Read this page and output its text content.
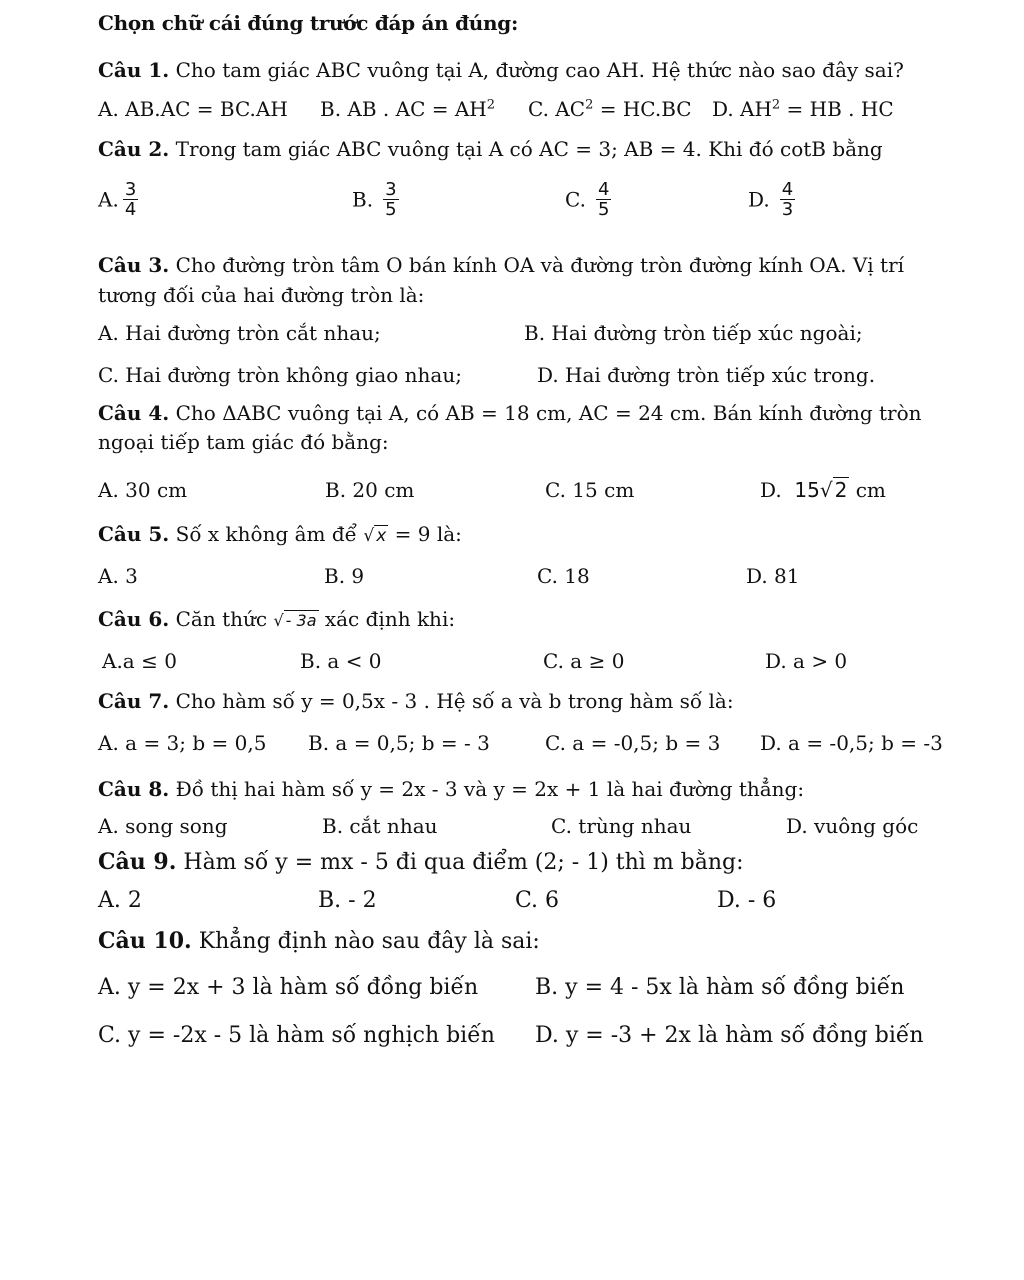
Chọn chữ cái đúng trước đáp án đúng:
Câu 1. Cho tam giác ABC vuông tại A, đường cao AH. Hệ thức nào sao đây sai?
A. AB.AC = BC.AH B. AB . AC = $AH^2$ C. $AC^2 = HC.BC$ D. $AH^2$ = HB . HC
Câu 2. Trong tam giác ABC vuông tại A có AC = 3; AB = 4. Khi đó cotB bằng
A. $\frac{3}{4}$	B. $\frac{3}{5}$	C. $\frac{4}{5}$	D. $\frac{4}{3}$
Câu 3. Cho đường tròn tâm O bán kính OA và đường tròn đường kính OA. Vị trí
tương đối của hai đường tròn là:
A. Hai đường tròn cắt nhau;	B. Hai đường tròn tiếp xúc ngoài;
C. Hai đường tròn không giao nhau;	D. Hai đường tròn tiếp xúc trong.
Câu 4. Cho ΔABC vuông tại A, có AB = 18 cm, AC = 24 cm. Bán kính đường tròn
ngoại tiếp tam giác đó bằng:
A. 30 cm	B. 20 cm	C. 15 cm	D. 15√ 2 cm
Câu 5. Số x không âm để √ x = 9 là:
A. 3	B. 9	C. 18	D. 81
Câu 6. Căn thức √ - 3a xác định khi:
A.a ≤ 0	B. a < 0	C. a ≥ 0	D. a > 0
Câu 7. Cho hàm số y = 0,5x - 3 . Hệ số a và b trong hàm số là:
A. a = 3; b = 0,5 B. a = 0,5; b = - 3	C. a = -0,5; b = 3 D. a = -0,5; b = -3
Câu 8. Đồ thị hai hàm số y = 2x - 3 và y = 2x + 1 là hai đường thẳng:
A. song song	B. cắt nhau	C. trùng nhau	D. vuông góc
Câu 9. Hàm số y = mx - 5 đi qua điểm (2; - 1) thì m bằng:
A. 2	B. - 2	C. 6	D. - 6
Câu 10. Khẳng định nào sau đây là sai:
A. y = 2x + 3 là hàm số đồng biến	B. y = 4 - 5x là hàm số đồng biến
C. y = -2x - 5 là hàm số nghịch biến D. y = -3 + 2x là hàm số đồng biến
